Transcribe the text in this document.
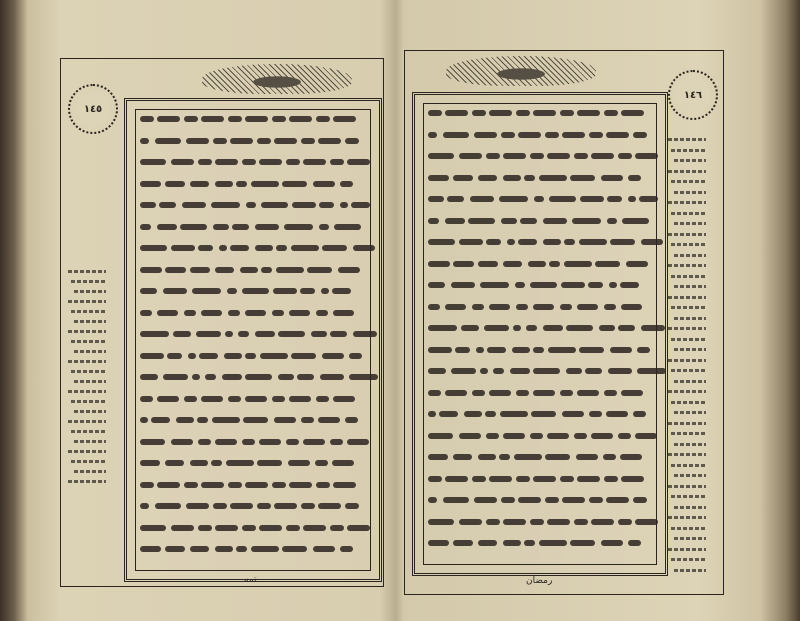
١٤٥
تمه
١٤٦
رمضان
